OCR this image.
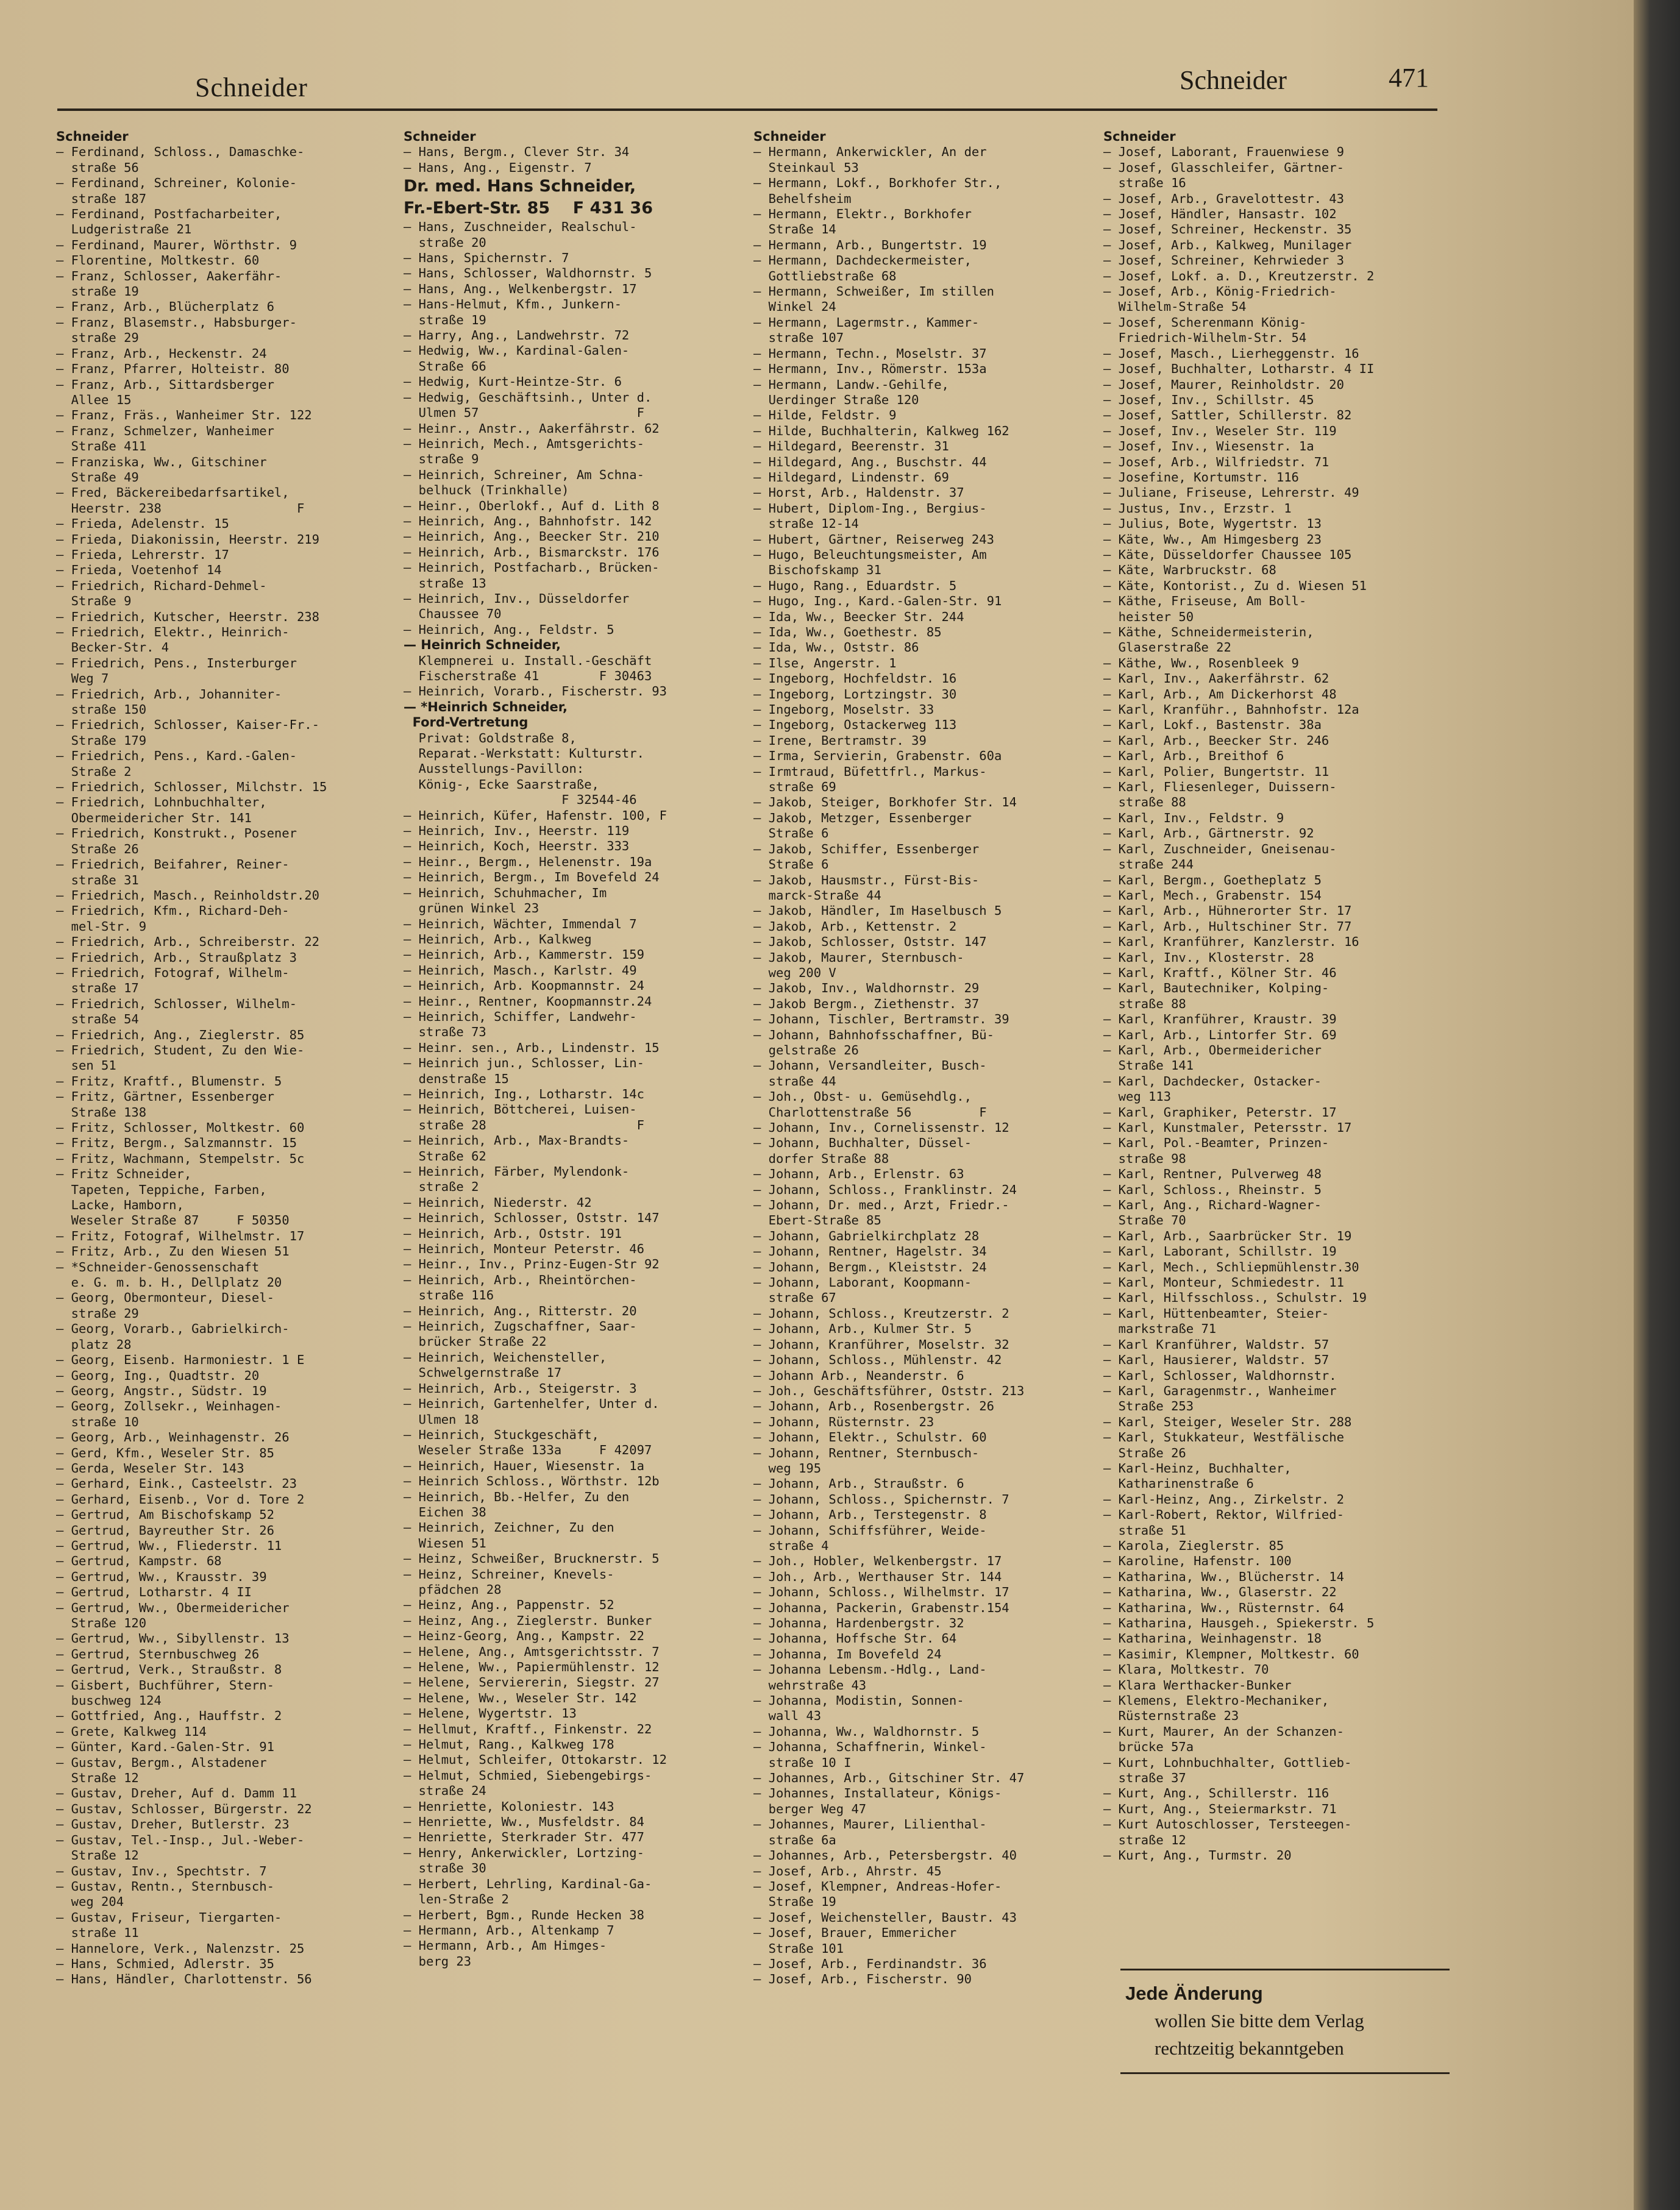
Schneider	Schneider	471
Schneider
— Ferdinand, Schloss., Damaschke-
straße 56
— Ferdinand, Schreiner, Kolonie-
straße 187
— Ferdinand, Postfacharbeiter,
Ludgeristraße 21
— Ferdinand, Maurer, Wörthstr. 9
— Florentine, Moltkestr. 60
— Franz, Schlosser, Aakerfähr-
straße 19
— Franz, Arb., Blücherplatz 6
— Franz, Blasemstr., Habsburger-
straße 29
— Franz, Arb., Heckenstr. 24
— Franz, Pfarrer, Holteistr. 80
— Franz, Arb., Sittardsberger
Allee 15
— Franz, Fräs., Wanheimer Str. 122
— Franz, Schmelzer, Wanheimer
Straße 411
— Franziska, Ww., Gitschiner
Straße 49
— Fred, Bäckereibedarfsartikel,
Heerstr. 238                  F
— Frieda, Adelenstr. 15
— Frieda, Diakonissin, Heerstr. 219
— Frieda, Lehrerstr. 17
— Frieda, Voetenhof 14
— Friedrich, Richard-Dehmel-
Straße 9
— Friedrich, Kutscher, Heerstr. 238
— Friedrich, Elektr., Heinrich-
Becker-Str. 4
— Friedrich, Pens., Insterburger
Weg 7
— Friedrich, Arb., Johanniter-
straße 150
— Friedrich, Schlosser, Kaiser-Fr.-
Straße 179
— Friedrich, Pens., Kard.-Galen-
Straße 2
— Friedrich, Schlosser, Milchstr. 15
— Friedrich, Lohnbuchhalter,
Obermeidericher Str. 141
— Friedrich, Konstrukt., Posener
Straße 26
— Friedrich, Beifahrer, Reiner-
straße 31
— Friedrich, Masch., Reinholdstr.20
— Friedrich, Kfm., Richard-Deh-
mel-Str. 9
— Friedrich, Arb., Schreiberstr. 22
— Friedrich, Arb., Straußplatz 3
— Friedrich, Fotograf, Wilhelm-
straße 17
— Friedrich, Schlosser, Wilhelm-
straße 54
— Friedrich, Ang., Zieglerstr. 85
— Friedrich, Student, Zu den Wie-
sen 51
— Fritz, Kraftf., Blumenstr. 5
— Fritz, Gärtner, Essenberger
Straße 138
— Fritz, Schlosser, Moltkestr. 60
— Fritz, Bergm., Salzmannstr. 15
— Fritz, Wachmann, Stempelstr. 5c
— Fritz Schneider,
Tapeten, Teppiche, Farben,
Lacke, Hamborn,
Weseler Straße 87     F 50350
— Fritz, Fotograf, Wilhelmstr. 17
— Fritz, Arb., Zu den Wiesen 51
— *Schneider-Genossenschaft
e. G. m. b. H., Dellplatz 20
— Georg, Obermonteur, Diesel-
straße 29
— Georg, Vorarb., Gabrielkirch-
platz 28
— Georg, Eisenb. Harmoniestr. 1 E
— Georg, Ing., Quadtstr. 20
— Georg, Angstr., Südstr. 19
— Georg, Zollsekr., Weinhagen-
straße 10
— Georg, Arb., Weinhagenstr. 26
— Gerd, Kfm., Weseler Str. 85
— Gerda, Weseler Str. 143
— Gerhard, Eink., Casteelstr. 23
— Gerhard, Eisenb., Vor d. Tore 2
— Gertrud, Am Bischofskamp 52
— Gertrud, Bayreuther Str. 26
— Gertrud, Ww., Fliederstr. 11
— Gertrud, Kampstr. 68
— Gertrud, Ww., Krausstr. 39
— Gertrud, Lotharstr. 4 II
— Gertrud, Ww., Obermeidericher
Straße 120
— Gertrud, Ww., Sibyllenstr. 13
— Gertrud, Sternbuschweg 26
— Gertrud, Verk., Straußstr. 8
— Gisbert, Buchführer, Stern-
buschweg 124
— Gottfried, Ang., Hauffstr. 2
— Grete, Kalkweg 114
— Günter, Kard.-Galen-Str. 91
— Gustav, Bergm., Alstadener
Straße 12
— Gustav, Dreher, Auf d. Damm 11
— Gustav, Schlosser, Bürgerstr. 22
— Gustav, Dreher, Butlerstr. 23
— Gustav, Tel.-Insp., Jul.-Weber-
Straße 12
— Gustav, Inv., Spechtstr. 7
— Gustav, Rentn., Sternbusch-
weg 204
— Gustav, Friseur, Tiergarten-
straße 11
— Hannelore, Verk., Nalenzstr. 25
— Hans, Schmied, Adlerstr. 35
— Hans, Händler, Charlottenstr. 56
Schneider
— Hans, Bergm., Clever Str. 34
— Hans, Ang., Eigenstr. 7
Dr. med. Hans Schneider,
Fr.-Ebert-Str. 85    F 431 36
— Hans, Zuschneider, Realschul-
straße 20
— Hans, Spichernstr. 7
— Hans, Schlosser, Waldhornstr. 5
— Hans, Ang., Welkenbergstr. 17
— Hans-Helmut, Kfm., Junkern-
straße 19
— Harry, Ang., Landwehrstr. 72
— Hedwig, Ww., Kardinal-Galen-
Straße 66
— Hedwig, Kurt-Heintze-Str. 6
— Hedwig, Geschäftsinh., Unter d.
Ulmen 57                     F
— Heinr., Anstr., Aakerfährstr. 62
— Heinrich, Mech., Amtsgerichts-
straße 9
— Heinrich, Schreiner, Am Schna-
belhuck (Trinkhalle)
— Heinr., Oberlokf., Auf d. Lith 8
— Heinrich, Ang., Bahnhofstr. 142
— Heinrich, Ang., Beecker Str. 210
— Heinrich, Arb., Bismarckstr. 176
— Heinrich, Postfacharb., Brücken-
straße 13
— Heinrich, Inv., Düsseldorfer
Chaussee 70
— Heinrich, Ang., Feldstr. 5
— Heinrich Schneider,
Klempnerei u. Install.-Geschäft
Fischerstraße 41        F 30463
— Heinrich, Vorarb., Fischerstr. 93
— *Heinrich Schneider,
Ford-Vertretung
Privat: Goldstraße 8,
Reparat.-Werkstatt: Kulturstr.
Ausstellungs-Pavillon:
König-, Ecke Saarstraße,
F 32544-46
— Heinrich, Küfer, Hafenstr. 100, F
— Heinrich, Inv., Heerstr. 119
— Heinrich, Koch, Heerstr. 333
— Heinr., Bergm., Helenenstr. 19a
— Heinrich, Bergm., Im Bovefeld 24
— Heinrich, Schuhmacher, Im
grünen Winkel 23
— Heinrich, Wächter, Immendal 7
— Heinrich, Arb., Kalkweg
— Heinrich, Arb., Kammerstr. 159
— Heinrich, Masch., Karlstr. 49
— Heinrich, Arb. Koopmannstr. 24
— Heinr., Rentner, Koopmannstr.24
— Heinrich, Schiffer, Landwehr-
straße 73
— Heinr. sen., Arb., Lindenstr. 15
— Heinrich jun., Schlosser, Lin-
denstraße 15
— Heinrich, Ing., Lotharstr. 14c
— Heinrich, Böttcherei, Luisen-
straße 28                    F
— Heinrich, Arb., Max-Brandts-
Straße 62
— Heinrich, Färber, Mylendonk-
straße 2
— Heinrich, Niederstr. 42
— Heinrich, Schlosser, Oststr. 147
— Heinrich, Arb., Oststr. 191
— Heinrich, Monteur Peterstr. 46
— Heinr., Inv., Prinz-Eugen-Str 92
— Heinrich, Arb., Rheintörchen-
straße 116
— Heinrich, Ang., Ritterstr. 20
— Heinrich, Zugschaffner, Saar-
brücker Straße 22
— Heinrich, Weichensteller,
Schwelgernstraße 17
— Heinrich, Arb., Steigerstr. 3
— Heinrich, Gartenhelfer, Unter d.
Ulmen 18
— Heinrich, Stuckgeschäft,
Weseler Straße 133a     F 42097
— Heinrich, Hauer, Wiesenstr. 1a
— Heinrich Schloss., Wörthstr. 12b
— Heinrich, Bb.-Helfer, Zu den
Eichen 38
— Heinrich, Zeichner, Zu den
Wiesen 51
— Heinz, Schweißer, Brucknerstr. 5
— Heinz, Schreiner, Knevels-
pfädchen 28
— Heinz, Ang., Pappenstr. 52
— Heinz, Ang., Zieglerstr. Bunker
— Heinz-Georg, Ang., Kampstr. 22
— Helene, Ang., Amtsgerichtsstr. 7
— Helene, Ww., Papiermühlenstr. 12
— Helene, Serviererin, Siegstr. 27
— Helene, Ww., Weseler Str. 142
— Helene, Wygertstr. 13
— Hellmut, Kraftf., Finkenstr. 22
— Helmut, Rang., Kalkweg 178
— Helmut, Schleifer, Ottokarstr. 12
— Helmut, Schmied, Siebengebirgs-
straße 24
— Henriette, Koloniestr. 143
— Henriette, Ww., Musfeldstr. 84
— Henriette, Sterkrader Str. 477
— Henry, Ankerwickler, Lortzing-
straße 30
— Herbert, Lehrling, Kardinal-Ga-
len-Straße 2
— Herbert, Bgm., Runde Hecken 38
— Hermann, Arb., Altenkamp 7
— Hermann, Arb., Am Himges-
berg 23
Schneider
— Hermann, Ankerwickler, An der
Steinkaul 53
— Hermann, Lokf., Borkhofer Str.,
Behelfsheim
— Hermann, Elektr., Borkhofer
Straße 14
— Hermann, Arb., Bungertstr. 19
— Hermann, Dachdeckermeister,
Gottliebstraße 68
— Hermann, Schweißer, Im stillen
Winkel 24
— Hermann, Lagermstr., Kammer-
straße 107
— Hermann, Techn., Moselstr. 37
— Hermann, Inv., Römerstr. 153a
— Hermann, Landw.-Gehilfe,
Uerdinger Straße 120
— Hilde, Feldstr. 9
— Hilde, Buchhalterin, Kalkweg 162
— Hildegard, Beerenstr. 31
— Hildegard, Ang., Buschstr. 44
— Hildegard, Lindenstr. 69
— Horst, Arb., Haldenstr. 37
— Hubert, Diplom-Ing., Bergius-
straße 12-14
— Hubert, Gärtner, Reiserweg 243
— Hugo, Beleuchtungsmeister, Am
Bischofskamp 31
— Hugo, Rang., Eduardstr. 5
— Hugo, Ing., Kard.-Galen-Str. 91
— Ida, Ww., Beecker Str. 244
— Ida, Ww., Goethestr. 85
— Ida, Ww., Oststr. 86
— Ilse, Angerstr. 1
— Ingeborg, Hochfeldstr. 16
— Ingeborg, Lortzingstr. 30
— Ingeborg, Moselstr. 33
— Ingeborg, Ostackerweg 113
— Irene, Bertramstr. 39
— Irma, Servierin, Grabenstr. 60a
— Irmtraud, Büfettfrl., Markus-
straße 69
— Jakob, Steiger, Borkhofer Str. 14
— Jakob, Metzger, Essenberger
Straße 6
— Jakob, Schiffer, Essenberger
Straße 6
— Jakob, Hausmstr., Fürst-Bis-
marck-Straße 44
— Jakob, Händler, Im Haselbusch 5
— Jakob, Arb., Kettenstr. 2
— Jakob, Schlosser, Oststr. 147
— Jakob, Maurer, Sternbusch-
weg 200 V
— Jakob, Inv., Waldhornstr. 29
— Jakob Bergm., Ziethenstr. 37
— Johann, Tischler, Bertramstr. 39
— Johann, Bahnhofsschaffner, Bü-
gelstraße 26
— Johann, Versandleiter, Busch-
straße 44
— Joh., Obst- u. Gemüsehdlg.,
Charlottenstraße 56         F
— Johann, Inv., Cornelissenstr. 12
— Johann, Buchhalter, Düssel-
dorfer Straße 88
— Johann, Arb., Erlenstr. 63
— Johann, Schloss., Franklinstr. 24
— Johann, Dr. med., Arzt, Friedr.-
Ebert-Straße 85
— Johann, Gabrielkirchplatz 28
— Johann, Rentner, Hagelstr. 34
— Johann, Bergm., Kleiststr. 24
— Johann, Laborant, Koopmann-
straße 67
— Johann, Schloss., Kreutzerstr. 2
— Johann, Arb., Kulmer Str. 5
— Johann, Kranführer, Moselstr. 32
— Johann, Schloss., Mühlenstr. 42
— Johann Arb., Neanderstr. 6
— Joh., Geschäftsführer, Oststr. 213
— Johann, Arb., Rosenbergstr. 26
— Johann, Rüsternstr. 23
— Johann, Elektr., Schulstr. 60
— Johann, Rentner, Sternbusch-
weg 195
— Johann, Arb., Straußstr. 6
— Johann, Schloss., Spichernstr. 7
— Johann, Arb., Terstegenstr. 8
— Johann, Schiffsführer, Weide-
straße 4
— Joh., Hobler, Welkenbergstr. 17
— Joh., Arb., Werthauser Str. 144
— Johann, Schloss., Wilhelmstr. 17
— Johanna, Packerin, Grabenstr.154
— Johanna, Hardenbergstr. 32
— Johanna, Hoffsche Str. 64
— Johanna, Im Bovefeld 24
— Johanna Lebensm.-Hdlg., Land-
wehrstraße 43
— Johanna, Modistin, Sonnen-
wall 43
— Johanna, Ww., Waldhornstr. 5
— Johanna, Schaffnerin, Winkel-
straße 10 I
— Johannes, Arb., Gitschiner Str. 47
— Johannes, Installateur, Königs-
berger Weg 47
— Johannes, Maurer, Lilienthal-
straße 6a
— Johannes, Arb., Petersbergstr. 40
— Josef, Arb., Ahrstr. 45
— Josef, Klempner, Andreas-Hofer-
Straße 19
— Josef, Weichensteller, Baustr. 43
— Josef, Brauer, Emmericher
Straße 101
— Josef, Arb., Ferdinandstr. 36
— Josef, Arb., Fischerstr. 90
Schneider
— Josef, Laborant, Frauenwiese 9
— Josef, Glasschleifer, Gärtner-
straße 16
— Josef, Arb., Gravelottestr. 43
— Josef, Händler, Hansastr. 102
— Josef, Schreiner, Heckenstr. 35
— Josef, Arb., Kalkweg, Munilager
— Josef, Schreiner, Kehrwieder 3
— Josef, Lokf. a. D., Kreutzerstr. 2
— Josef, Arb., König-Friedrich-
Wilhelm-Straße 54
— Josef, Scherenmann König-
Friedrich-Wilhelm-Str. 54
— Josef, Masch., Lierheggenstr. 16
— Josef, Buchhalter, Lotharstr. 4 II
— Josef, Maurer, Reinholdstr. 20
— Josef, Inv., Schillstr. 45
— Josef, Sattler, Schillerstr. 82
— Josef, Inv., Weseler Str. 119
— Josef, Inv., Wiesenstr. 1a
— Josef, Arb., Wilfriedstr. 71
— Josefine, Kortumstr. 116
— Juliane, Friseuse, Lehrerstr. 49
— Justus, Inv., Erzstr. 1
— Julius, Bote, Wygertstr. 13
— Käte, Ww., Am Himgesberg 23
— Käte, Düsseldorfer Chaussee 105
— Käte, Warbruckstr. 68
— Käte, Kontorist., Zu d. Wiesen 51
— Käthe, Friseuse, Am Boll-
heister 50
— Käthe, Schneidermeisterin,
Glaserstraße 22
— Käthe, Ww., Rosenbleek 9
— Karl, Inv., Aakerfährstr. 62
— Karl, Arb., Am Dickerhorst 48
— Karl, Kranführ., Bahnhofstr. 12a
— Karl, Lokf., Bastenstr. 38a
— Karl, Arb., Beecker Str. 246
— Karl, Arb., Breithof 6
— Karl, Polier, Bungertstr. 11
— Karl, Fliesenleger, Duissern-
straße 88
— Karl, Inv., Feldstr. 9
— Karl, Arb., Gärtnerstr. 92
— Karl, Zuschneider, Gneisenau-
straße 244
— Karl, Bergm., Goetheplatz 5
— Karl, Mech., Grabenstr. 154
— Karl, Arb., Hühnerorter Str. 17
— Karl, Arb., Hultschiner Str. 77
— Karl, Kranführer, Kanzlerstr. 16
— Karl, Inv., Klosterstr. 28
— Karl, Kraftf., Kölner Str. 46
— Karl, Bautechniker, Kolping-
straße 88
— Karl, Kranführer, Kraustr. 39
— Karl, Arb., Lintorfer Str. 69
— Karl, Arb., Obermeidericher
Straße 141
— Karl, Dachdecker, Ostacker-
weg 113
— Karl, Graphiker, Peterstr. 17
— Karl, Kunstmaler, Petersstr. 17
— Karl, Pol.-Beamter, Prinzen-
straße 98
— Karl, Rentner, Pulverweg 48
— Karl, Schloss., Rheinstr. 5
— Karl, Ang., Richard-Wagner-
Straße 70
— Karl, Arb., Saarbrücker Str. 19
— Karl, Laborant, Schillstr. 19
— Karl, Mech., Schliepmühlenstr.30
— Karl, Monteur, Schmiedestr. 11
— Karl, Hilfsschloss., Schulstr. 19
— Karl, Hüttenbeamter, Steier-
markstraße 71
— Karl Kranführer, Waldstr. 57
— Karl, Hausierer, Waldstr. 57
— Karl, Schlosser, Waldhornstr.
— Karl, Garagenmstr., Wanheimer
Straße 253
— Karl, Steiger, Weseler Str. 288
— Karl, Stukkateur, Westfälische
Straße 26
— Karl-Heinz, Buchhalter,
Katharinenstraße 6
— Karl-Heinz, Ang., Zirkelstr. 2
— Karl-Robert, Rektor, Wilfried-
straße 51
— Karola, Zieglerstr. 85
— Karoline, Hafenstr. 100
— Katharina, Ww., Blücherstr. 14
— Katharina, Ww., Glaserstr. 22
— Katharina, Ww., Rüsternstr. 64
— Katharina, Hausgeh., Spiekerstr. 5
— Katharina, Weinhagenstr. 18
— Kasimir, Klempner, Moltkestr. 60
— Klara, Moltkestr. 70
— Klara Werthacker-Bunker
— Klemens, Elektro-Mechaniker,
Rüsternstraße 23
— Kurt, Maurer, An der Schanzen-
brücke 57a
— Kurt, Lohnbuchhalter, Gottlieb-
straße 37
— Kurt, Ang., Schillerstr. 116
— Kurt, Ang., Steiermarkstr. 71
— Kurt Autoschlosser, Tersteegen-
straße 12
— Kurt, Ang., Turmstr. 20
Jede Änderung
wollen Sie bitte dem Verlag
rechtzeitig bekanntgeben
